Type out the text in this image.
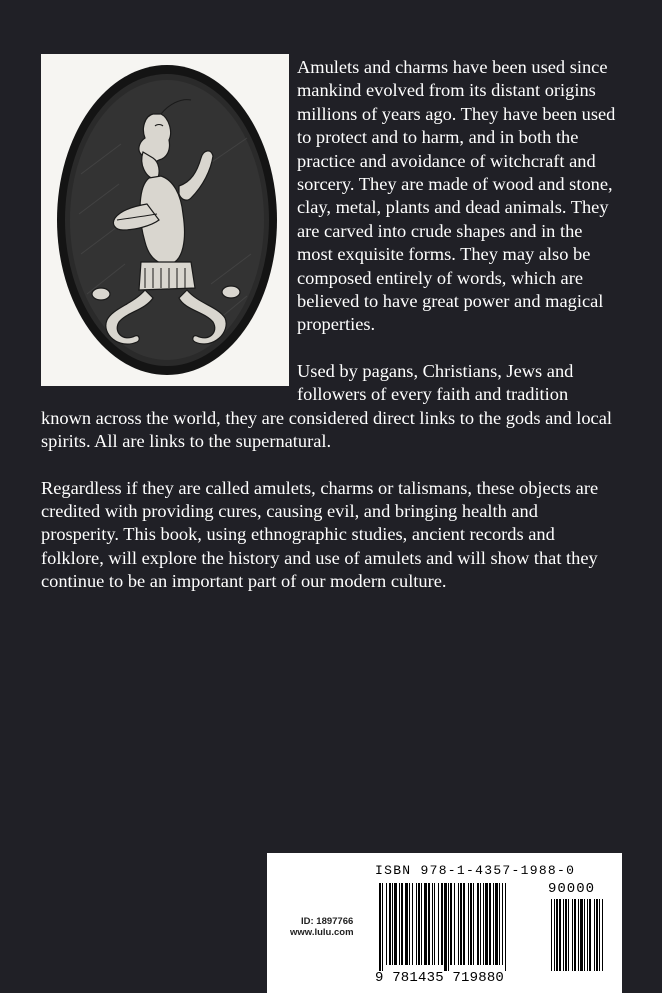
Amulets and charms have been used since mankind evolved from its distant origins millions of years ago. They have been used to protect and to harm, and in both the practice and avoidance of witchcraft and sorcery. They are made of wood and stone, clay, metal, plants and dead animals. They are carved into crude shapes and in the most exquisite forms. They may also be composed entirely of words, which are believed to have great power and magical properties.

Used by pagans, Christians, Jews and followers of every faith and tradition known across the world, they are considered direct links to the gods and local spirits. All are links to the supernatural.

Regardless if they are called amulets, charms or talismans, these objects are credited with providing cures, causing evil, and bringing health and prosperity. This book, using ethnographic studies, ancient records and folklore, will explore the history and use of amulets and will show that they continue to be an important part of our modern culture.

ISBN 978-1-4357-1988-0
90000
ID: 1897766
www.lulu.com
9 781435 719880
